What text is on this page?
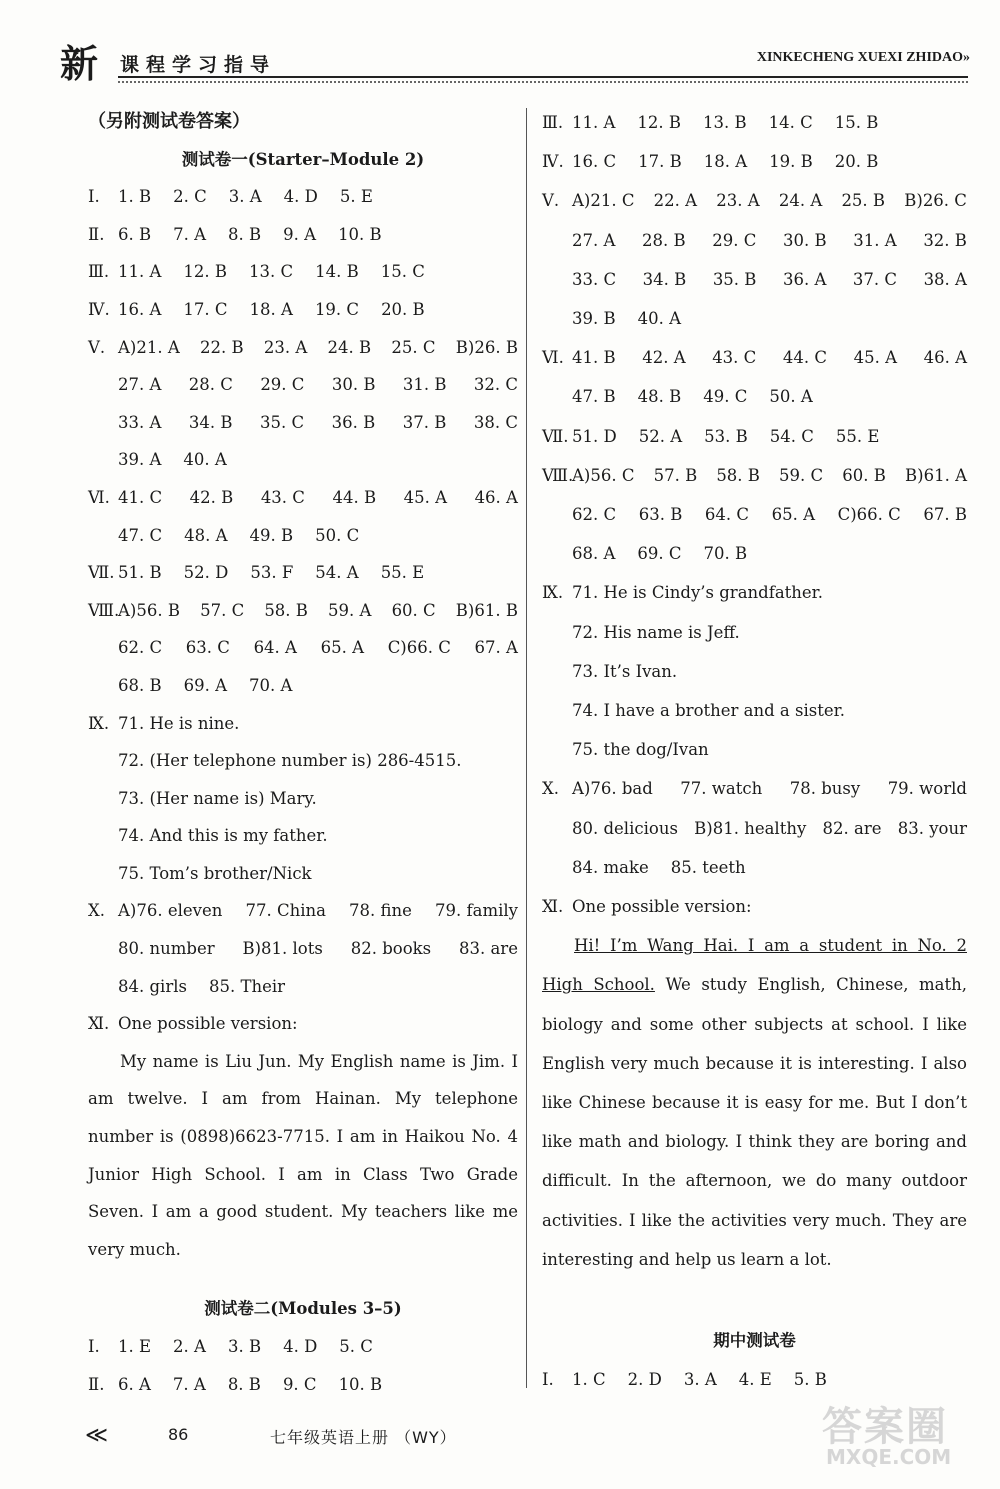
新 课程学习指导	XINKECHENG XUEXI ZHIDAO»
（另附测试卷答案）
测试卷一(Starter–Module 2)
Ⅰ.	1. B 2. C 3. A 4. D 5. E
Ⅱ. 6. B 7. A 8. B 9. A 10. B
Ⅲ. 11. A 12. B 13. C 14. B 15. C
Ⅳ. 16. A 17. C 18. A 19. C 20. B
Ⅴ. A)21. A 22. B 23. A 24. B 25. C B)26. B
27. A 28. C 29. C 30. B 31. B 32. C
33. A 34. B 35. C 36. B 37. B 38. C
39. A 40. A
Ⅵ. 41. C 42. B 43. C 44. B 45. A 46. A
47. C 48. A 49. B 50. C
Ⅶ. 51. B 52. D 53. F 54. A 55. E
Ⅷ.
A)56. B 57. C 58. B 59. A 60. C B)61. B
62. C 63. C 64. A 65. A C)66. C 67. A
68. B 69. A 70. A
Ⅸ. 71. He is nine.
72. (Her telephone number is) 286-4515.
73. (Her name is) Mary.
74. And this is my father.
75. Tom’s brother/Nick
Ⅹ. A)76. eleven 77. China 78. fine 79. family
80. number B)81. lots 82. books 83. are
84. girls 85. Their
Ⅺ. One possible version:

My name is Liu Jun. My English name is Jim. I am twelve. I am from Hainan. My telephone number is (0898)6623-7715. I am in Haikou No. 4 Junior High School. I am in Class Two Grade Seven. I am a good student. My teachers like me very much.

测试卷二(Modules 3–5)
Ⅰ.	1. E 2. A 3. B 4. D 5. C
Ⅱ. 6. A 7. A 8. B 9. C 10. B
Ⅲ. 11. A 12. B 13. B 14. C 15. B
Ⅳ. 16. C 17. B 18. A 19. B 20. B
Ⅴ. A)21. C 22. A 23. A 24. A 25. B B)26. C
27. A 28. B 29. C 30. B 31. A 32. B
33. C 34. B 35. B 36. A 37. C 38. A
39. B 40. A
Ⅵ. 41. B 42. A 43. C 44. C 45. A 46. A
47. B 48. B 49. C 50. A
Ⅶ. 51. D 52. A 53. B 54. C 55. E
Ⅷ.
A)56. C 57. B 58. B 59. C 60. B B)61. A
62. C 63. B 64. C 65. A C)66. C 67. B
68. A 69. C 70. B
Ⅸ. 71. He is Cindy’s grandfather.
72. His name is Jeff.
73. It’s Ivan.
74. I have a brother and a sister.
75. the dog/Ivan
Ⅹ. A)76. bad 77. watch 78. busy 79. world
80. delicious B)81. healthy 82. are 83. your
84. make 85. teeth
Ⅺ. One possible version:

Hi! I’m Wang Hai. I am a student in No. 2 High School. We study English, Chinese, math, biology and some other subjects at school. I like English very much because it is interesting. I also like Chinese because it is easy for me. But I don’t like math and biology. I think they are boring and difficult. In the afternoon, we do many outdoor activities. I like the activities very much. They are interesting and help us learn a lot.

期中测试卷
Ⅰ.	1. C 2. D 3. A 4. E 5. B
≪	86	七年级英语上册 （WY）	答案圈
MXQE.COM
